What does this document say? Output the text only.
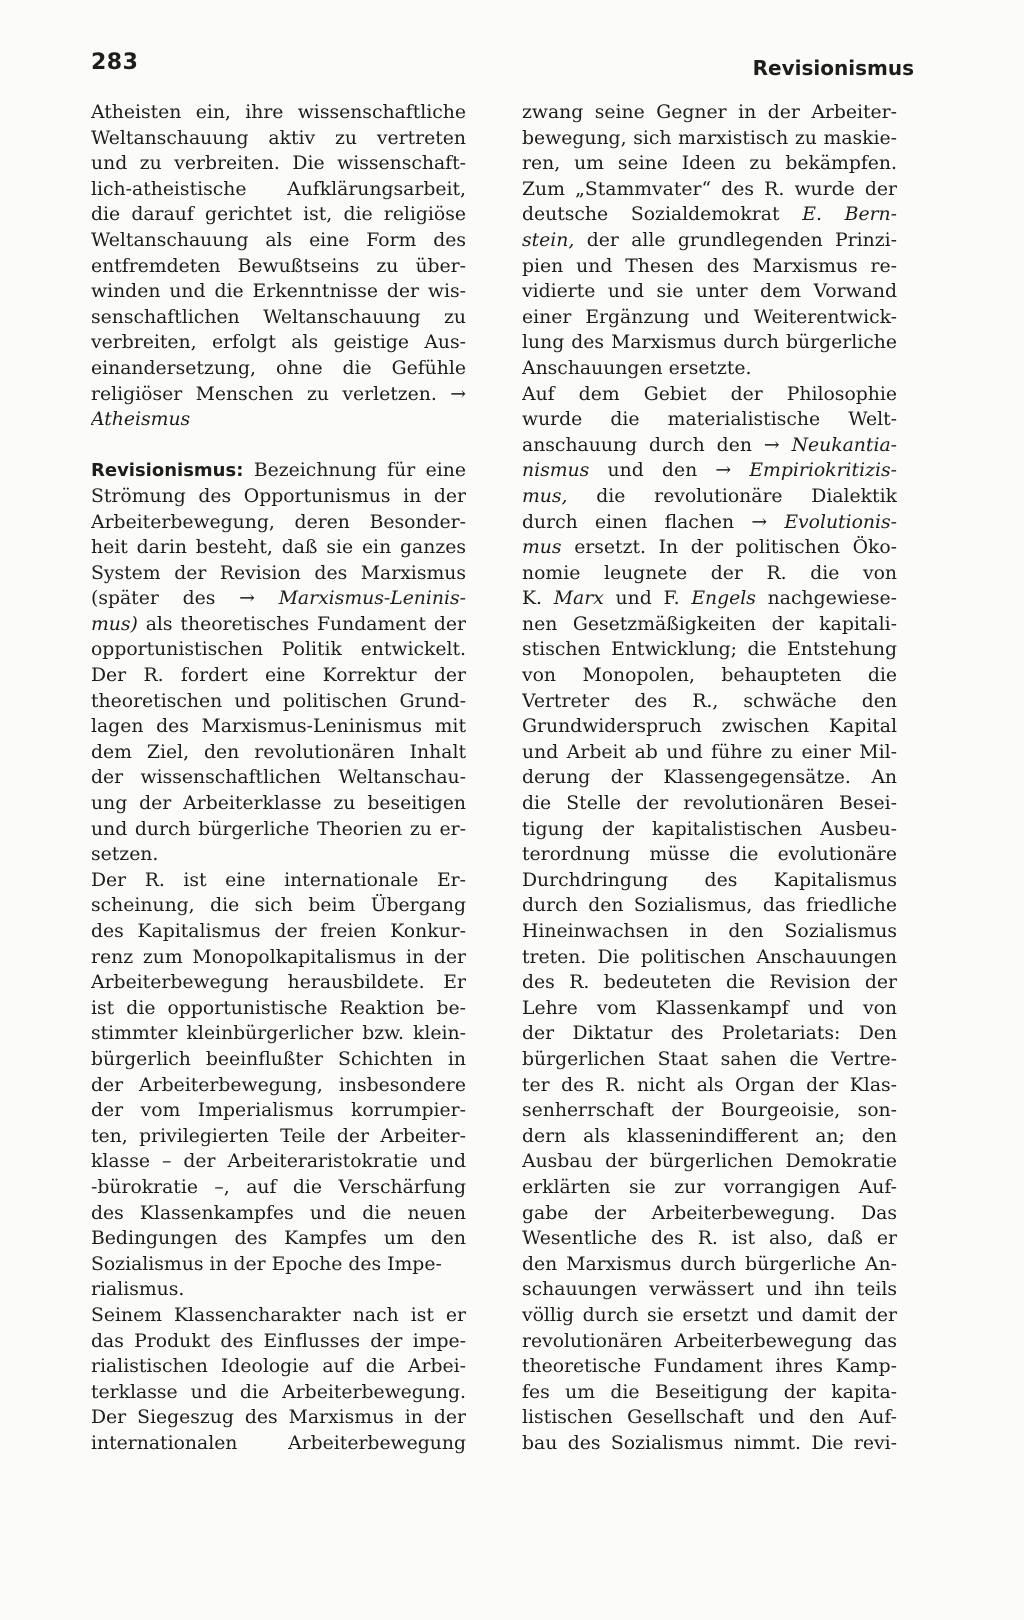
283	Revisionismus
Atheisten ein, ihre wissenschaftliche
Weltanschauung aktiv zu vertreten
und zu verbreiten. Die wissenschaft-
lich-atheistische Aufklärungsarbeit,
die darauf gerichtet ist, die religiöse
Weltanschauung als eine Form des
entfremdeten Bewußtseins zu über-
winden und die Erkenntnisse der wis-
senschaftlichen Weltanschauung zu
verbreiten, erfolgt als geistige Aus-
einandersetzung, ohne die Gefühle
religiöser Menschen zu verletzen. →
Atheismus
Revisionismus: Bezeichnung für eine
Strömung des Opportunismus in der
Arbeiterbewegung, deren Besonder-
heit darin besteht, daß sie ein ganzes
System der Revision des Marxismus
(später des → Marxismus-Leninis-
mus) als theoretisches Fundament der
opportunistischen Politik entwickelt.
Der R. fordert eine Korrektur der
theoretischen und politischen Grund-
lagen des Marxismus-Leninismus mit
dem Ziel, den revolutionären Inhalt
der wissenschaftlichen Weltanschau-
ung der Arbeiterklasse zu beseitigen
und durch bürgerliche Theorien zu er-
setzen.
Der R. ist eine internationale Er-
scheinung, die sich beim Übergang
des Kapitalismus der freien Konkur-
renz zum Monopolkapitalismus in der
Arbeiterbewegung herausbildete. Er
ist die opportunistische Reaktion be-
stimmter kleinbürgerlicher bzw. klein-
bürgerlich beeinflußter Schichten in
der Arbeiterbewegung, insbesondere
der vom Imperialismus korrumpier-
ten, privilegierten Teile der Arbeiter-
klasse – der Arbeiteraristokratie und
-bürokratie –, auf die Verschärfung
des Klassenkampfes und die neuen
Bedingungen des Kampfes um den
Sozialismus in der Epoche des Impe-
rialismus.
Seinem Klassencharakter nach ist er
das Produkt des Einflusses der impe-
rialistischen Ideologie auf die Arbei-
terklasse und die Arbeiterbewegung.
Der Siegeszug des Marxismus in der
internationalen Arbeiterbewegung
zwang seine Gegner in der Arbeiter-
bewegung, sich marxistisch zu maskie-
ren, um seine Ideen zu bekämpfen.
Zum „Stammvater“ des R. wurde der
deutsche Sozialdemokrat E. Bern-
stein, der alle grundlegenden Prinzi-
pien und Thesen des Marxismus re-
vidierte und sie unter dem Vorwand
einer Ergänzung und Weiterentwick-
lung des Marxismus durch bürgerliche
Anschauungen ersetzte.
Auf dem Gebiet der Philosophie
wurde die materialistische Welt-
anschauung durch den → Neukantia-
nismus und den → Empiriokritizis-
mus, die revolutionäre Dialektik
durch einen flachen → Evolutionis-
mus ersetzt. In der politischen Öko-
nomie leugnete der R. die von
K. Marx und F. Engels nachgewiese-
nen Gesetzmäßigkeiten der kapitali-
stischen Entwicklung; die Entstehung
von Monopolen, behaupteten die
Vertreter des R., schwäche den
Grundwiderspruch zwischen Kapital
und Arbeit ab und führe zu einer Mil-
derung der Klassengegensätze. An
die Stelle der revolutionären Besei-
tigung der kapitalistischen Ausbeu-
terordnung müsse die evolutionäre
Durchdringung des Kapitalismus
durch den Sozialismus, das friedliche
Hineinwachsen in den Sozialismus
treten. Die politischen Anschauungen
des R. bedeuteten die Revision der
Lehre vom Klassenkampf und von
der Diktatur des Proletariats: Den
bürgerlichen Staat sahen die Vertre-
ter des R. nicht als Organ der Klas-
senherrschaft der Bourgeoisie, son-
dern als klassenindifferent an; den
Ausbau der bürgerlichen Demokratie
erklärten sie zur vorrangigen Auf-
gabe der Arbeiterbewegung. Das
Wesentliche des R. ist also, daß er
den Marxismus durch bürgerliche An-
schauungen verwässert und ihn teils
völlig durch sie ersetzt und damit der
revolutionären Arbeiterbewegung das
theoretische Fundament ihres Kamp-
fes um die Beseitigung der kapita-
listischen Gesellschaft und den Auf-
bau des Sozialismus nimmt. Die revi-
